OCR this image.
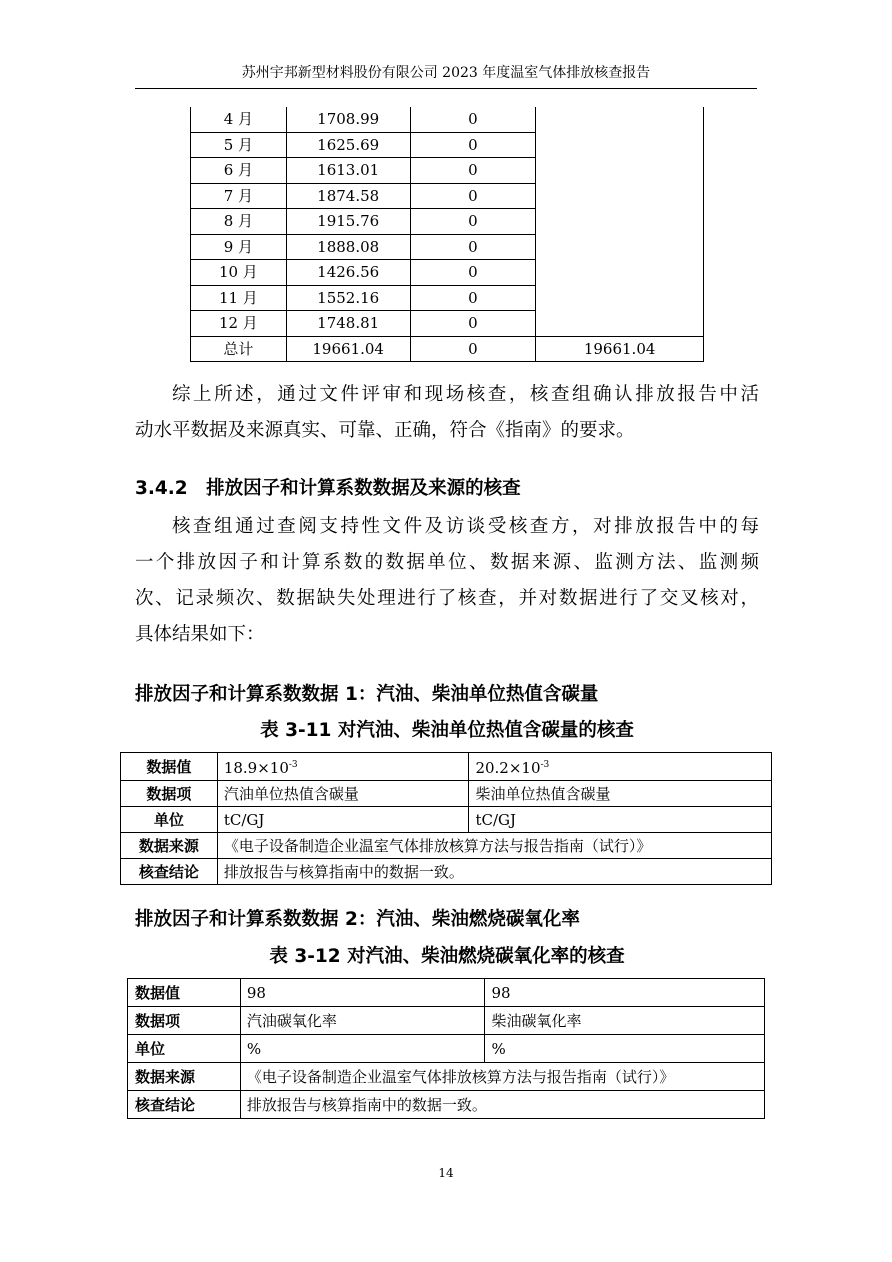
苏州宇邦新型材料股份有限公司 2023 年度温室气体排放核查报告
4 月	1708.99	0	
5 月	1625.69	0	
6 月	1613.01	0	
7 月	1874.58	0	
8 月	1915.76	0	
9 月	1888.08	0	
10 月	1426.56	0	
11 月	1552.16	0	
12 月	1748.81	0	
总计	19661.04	0	19661.04

综上所述，通过文件评审和现场核查，核查组确认排放报告中活

动水平数据及来源真实、可靠、正确，符合《指南》的要求。

3.4.2　排放因子和计算系数数据及来源的核查

核查组通过查阅支持性文件及访谈受核查方，对排放报告中的每

一个排放因子和计算系数的数据单位、数据来源、监测方法、监测频

次、记录频次、数据缺失处理进行了核查，并对数据进行了交叉核对，

具体结果如下：

排放因子和计算系数数据 1：汽油、柴油单位热值含碳量
表 3-11 对汽油、柴油单位热值含碳量的核查
数据值	$18.9\times 10^{-3}$	$20.2\times 10^{-3}$
数据项	汽油单位热值含碳量	柴油单位热值含碳量
单位	tC/GJ	tC/GJ
数据来源	《电子设备制造企业温室气体排放核算方法与报告指南（试行）》	
核查结论	排放报告与核算指南中的数据一致。	
排放因子和计算系数数据 2：汽油、柴油燃烧碳氧化率
表 3-12 对汽油、柴油燃烧碳氧化率的核查
数据值	98	98
数据项	汽油碳氧化率	柴油碳氧化率
单位	%	%
数据来源	《电子设备制造企业温室气体排放核算方法与报告指南（试行）》	
核查结论	排放报告与核算指南中的数据一致。	
14
